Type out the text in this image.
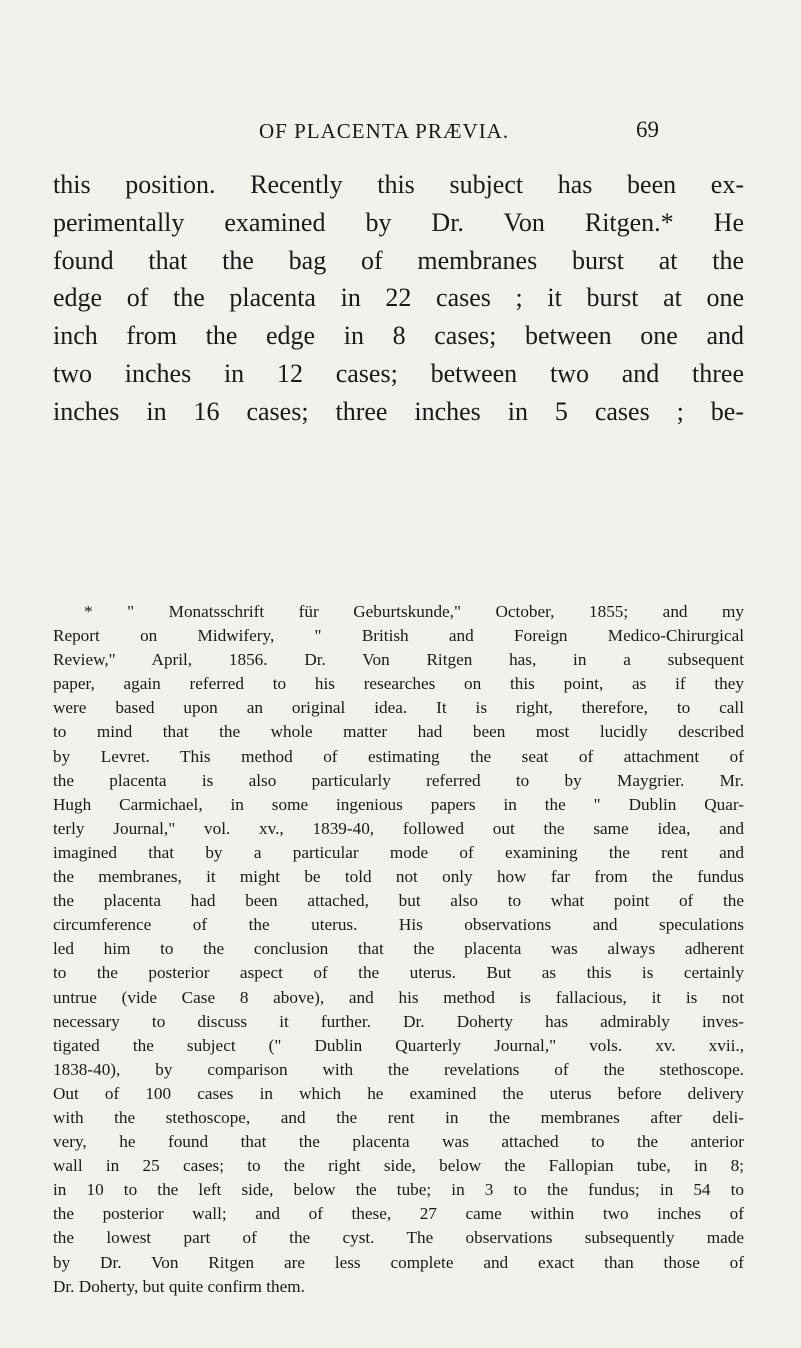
OF PLACENTA PRÆVIA.	69
this position. Recently this subject has been ex-
perimentally examined by Dr. Von Ritgen.* He
found that the bag of membranes burst at the
edge of the placenta in 22 cases ; it burst at one
inch from the edge in 8 cases; between one and
two inches in 12 cases; between two and three
inches in 16 cases; three inches in 5 cases ; be-
* " Monatsschrift für Geburtskunde," October, 1855; and my
Report on Midwifery, " British and Foreign Medico-Chirurgical
Review," April, 1856. Dr. Von Ritgen has, in a subsequent
paper, again referred to his researches on this point, as if they
were based upon an original idea. It is right, therefore, to call
to mind that the whole matter had been most lucidly described
by Levret. This method of estimating the seat of attachment of
the placenta is also particularly referred to by Maygrier. Mr.
Hugh Carmichael, in some ingenious papers in the " Dublin Quar-
terly Journal," vol. xv., 1839-40, followed out the same idea, and
imagined that by a particular mode of examining the rent and
the membranes, it might be told not only how far from the fundus
the placenta had been attached, but also to what point of the
circumference of the uterus. His observations and speculations
led him to the conclusion that the placenta was always adherent
to the posterior aspect of the uterus. But as this is certainly
untrue (vide Case 8 above), and his method is fallacious, it is not
necessary to discuss it further. Dr. Doherty has admirably inves-
tigated the subject (" Dublin Quarterly Journal," vols. xv. xvii.,
1838-40), by comparison with the revelations of the stethoscope.
Out of 100 cases in which he examined the uterus before delivery
with the stethoscope, and the rent in the membranes after deli-
very, he found that the placenta was attached to the anterior
wall in 25 cases; to the right side, below the Fallopian tube, in 8;
in 10 to the left side, below the tube; in 3 to the fundus; in 54 to
the posterior wall; and of these, 27 came within two inches of
the lowest part of the cyst. The observations subsequently made
by Dr. Von Ritgen are less complete and exact than those of
Dr. Doherty, but quite confirm them.
